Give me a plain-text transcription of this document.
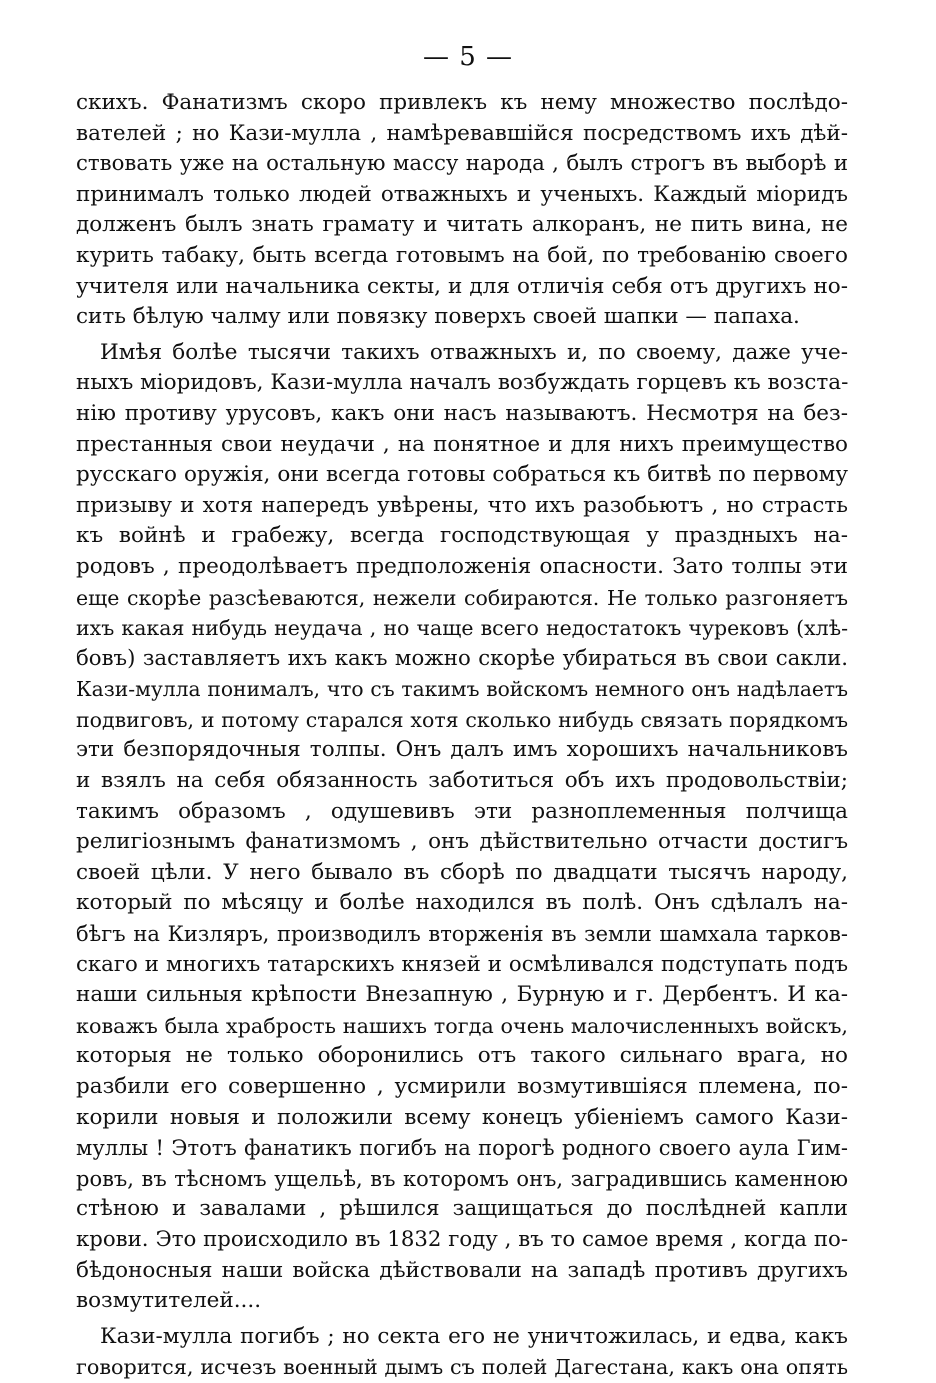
— 5 —

скихъ. Фанатизмъ скоро привлекъ къ нему множество послѣдо-
вателей ; но Кази-мулла , намѣревавшійся посредствомъ ихъ дѣй-
ствовать уже на остальную массу народа , былъ строгъ въ выборѣ и
принималъ только людей отважныхъ и ученыхъ. Каждый міоридъ
долженъ былъ знать грамату и читать алкоранъ, не пить вина, не
курить табаку, быть всегда готовымъ на бой, по требованію своего
учителя или начальника секты, и для отличія себя отъ другихъ но-
сить бѣлую чалму или повязку поверхъ своей шапки — папаха.

Имѣя болѣе тысячи такихъ отважныхъ и, по своему, даже уче-
ныхъ міоридовъ, Кази-мулла началъ возбуждать горцевъ къ возста-
нію противу урусовъ, какъ они насъ называютъ. Несмотря на без-
престанныя свои неудачи , на понятное и для нихъ преимущество
русскаго оружія, они всегда готовы собраться къ битвѣ по первому
призыву и хотя напередъ увѣрены, что ихъ разобьютъ , но страсть
къ войнѣ и грабежу, всегда господствующая у праздныхъ на-
родовъ , преодолѣваетъ предположенія опасности. Зато толпы эти
еще скорѣе разсѣеваются, нежели собираются. Не только разгоняетъ
ихъ какая нибудь неудача , но чаще всего недостатокъ чурековъ (хлѣ-
бовъ) заставляетъ ихъ какъ можно скорѣе убираться въ свои сакли.
Кази-мулла понималъ, что съ такимъ войскомъ немного онъ надѣлаетъ
подвиговъ, и потому старался хотя сколько нибудь связать порядкомъ
эти безпорядочныя толпы. Онъ далъ имъ хорошихъ начальниковъ
и взялъ на себя обязанность заботиться объ ихъ продовольствіи;
такимъ образомъ , одушевивъ эти разноплеменныя полчища
религіознымъ фанатизмомъ , онъ дѣйствительно отчасти достигъ
своей цѣли. У него бывало въ сборѣ по двадцати тысячъ народу,
который по мѣсяцу и болѣе находился въ полѣ. Онъ сдѣлалъ на-
бѣгъ на Кизляръ, производилъ вторженія въ земли шамхала тарков-
скаго и многихъ татарскихъ князей и осмѣливался подступать подъ
наши сильныя крѣпости Внезапную , Бурную и г. Дербентъ. И ка-
коважъ была храбрость нашихъ тогда очень малочисленныхъ войскъ,
которыя не только оборонились отъ такого сильнаго врага, но
разбили его совершенно , усмирили возмутившіяся племена, по-
корили новыя и положили всему конецъ убіеніемъ самого Кази-
муллы ! Этотъ фанатикъ погибъ на порогѣ родного своего аула Гим-
ровъ, въ тѣсномъ ущельѣ, въ которомъ онъ, заградившись каменною
стѣною и завалами , рѣшился защищаться до послѣдней капли
крови. Это происходило въ 1832 году , въ то самое время , когда по-
бѣдоносныя наши войска дѣйствовали на западѣ противъ другихъ
возмутителей....

Кази-мулла погибъ ; но секта его не уничтожилась, и едва, какъ
говорится, исчезъ военный дымъ съ полей Дагестана, какъ она опять
